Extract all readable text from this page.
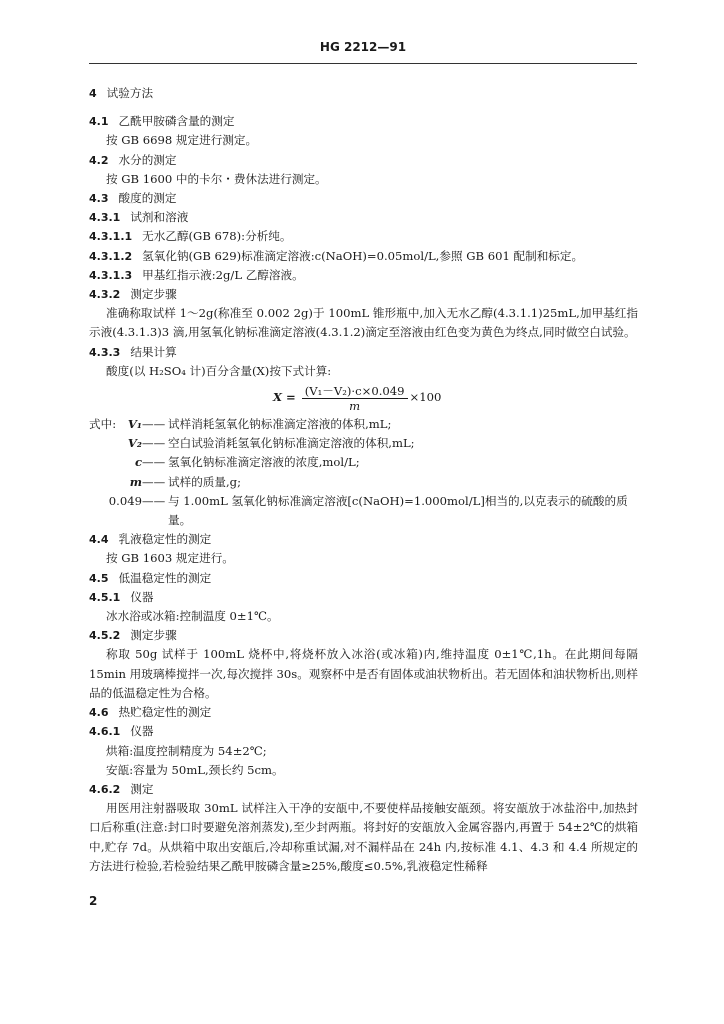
HG 2212—91
4 试验方法
4.1 乙酰甲胺磷含量的测定
按 GB 6698 规定进行测定。
4.2 水分的测定
按 GB 1600 中的卡尔・费休法进行测定。
4.3 酸度的测定
4.3.1 试剂和溶液
4.3.1.1 无水乙醇(GB 678):分析纯。
4.3.1.2 氢氧化钠(GB 629)标准滴定溶液:c(NaOH)=0.05mol/L,参照 GB 601 配制和标定。
4.3.1.3 甲基红指示液:2g/L 乙醇溶液。
4.3.2 测定步骤
准确称取试样 1～2g(称准至 0.002 2g)于 100mL 锥形瓶中,加入无水乙醇(4.3.1.1)25mL,加甲基红指示液(4.3.1.3)3 滴,用氢氧化钠标准滴定溶液(4.3.1.2)滴定至溶液由红色变为黄色为终点,同时做空白试验。
4.3.3 结果计算
酸度(以 H₂SO₄ 计)百分含量(X)按下式计算:
$X = \frac{\text{(V₁－V₂)·c×0.049}}{m} \times 100$
式中:	V₁ —— 试样消耗氢氧化钠标准滴定溶液的体积,mL;
V₂ —— 空白试验消耗氢氧化钠标准滴定溶液的体积,mL;
c —— 氢氧化钠标准滴定溶液的浓度,mol/L;
m —— 试样的质量,g;
0.049 —— 与 1.00mL 氢氧化钠标准滴定溶液[c(NaOH)=1.000mol/L]相当的,以克表示的硫酸的质量。
4.4 乳液稳定性的测定
按 GB 1603 规定进行。
4.5 低温稳定性的测定
4.5.1 仪器
冰水浴或冰箱:控制温度 0±1℃。
4.5.2 测定步骤
称取 50g 试样于 100mL 烧杯中,将烧杯放入冰浴(或冰箱)内,维持温度 0±1℃,1h。在此期间每隔 15min 用玻璃棒搅拌一次,每次搅拌 30s。观察杯中是否有固体或油状物析出。若无固体和油状物析出,则样品的低温稳定性为合格。
4.6 热贮稳定性的测定
4.6.1 仪器
烘箱:温度控制精度为 54±2℃;
安瓿:容量为 50mL,颈长约 5cm。
4.6.2 测定
用医用注射器吸取 30mL 试样注入干净的安瓿中,不要使样品接触安瓿颈。将安瓿放于冰盐浴中,加热封口后称重(注意:封口时要避免溶剂蒸发),至少封两瓶。将封好的安瓿放入金属容器内,再置于 54±2℃的烘箱中,贮存 7d。从烘箱中取出安瓿后,冷却称重试漏,对不漏样品在 24h 内,按标准 4.1、4.3 和 4.4 所规定的方法进行检验,若检验结果乙酰甲胺磷含量≥25%,酸度≤0.5%,乳液稳定性稀释
2
